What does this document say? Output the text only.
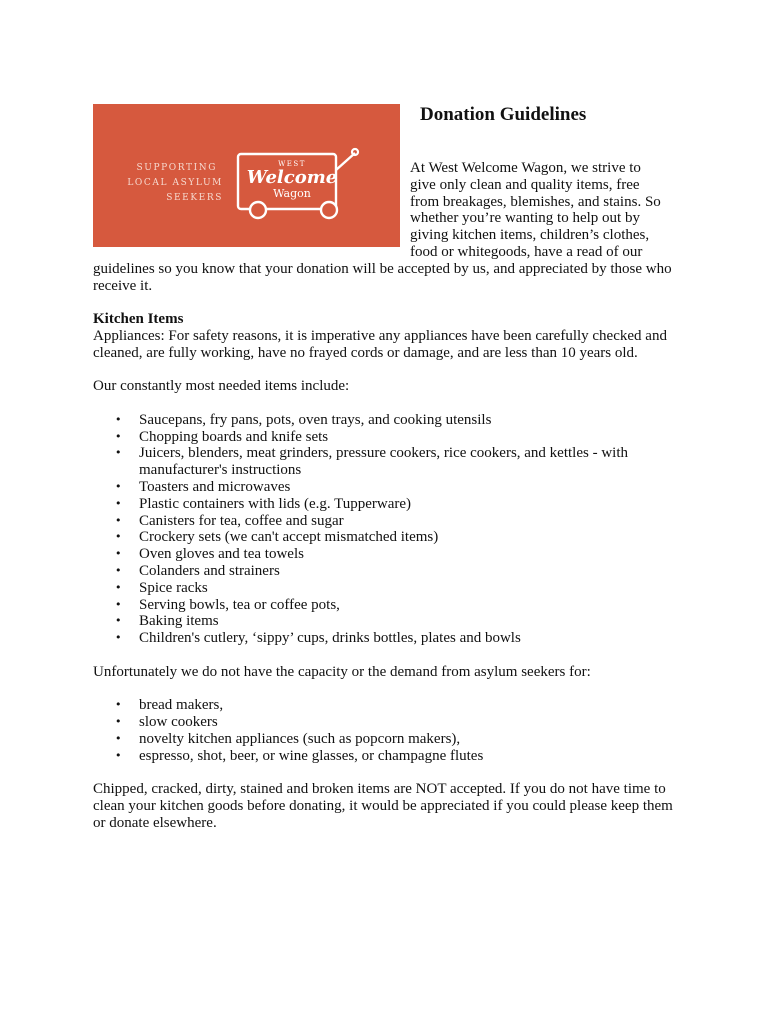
SUPPORTING
LOCAL ASYLUM
SEEKERS
WEST
Welcome
Wagon
Donation Guidelines
At West Welcome Wagon, we strive to
give only clean and quality items, free
from breakages, blemishes, and stains. So
whether you’re wanting to help out by
giving kitchen items, children’s clothes,
food or whitegoods, have a read of our
guidelines so you know that your donation will be accepted by us, and appreciated by those who receive it.

Kitchen Items

Appliances: For safety reasons, it is imperative any appliances have been carefully checked and cleaned, are fully working, have no frayed cords or damage, and are less than 10 years old.

Our constantly most needed items include:

• Saucepans, fry pans, pots, oven trays, and cooking utensils
• Chopping boards and knife sets
• Juicers, blenders, meat grinders, pressure cookers, rice cookers, and kettles - with manufacturer's instructions
• Toasters and microwaves
• Plastic containers with lids (e.g. Tupperware)
• Canisters for tea, coffee and sugar
• Crockery sets (we can't accept mismatched items)
• Oven gloves and tea towels
• Colanders and strainers
• Spice racks
• Serving bowls, tea or coffee pots,
• Baking items
• Children's cutlery, ‘sippy’ cups, drinks bottles, plates and bowls

Unfortunately we do not have the capacity or the demand from asylum seekers for:

• bread makers,
• slow cookers
• novelty kitchen appliances (such as popcorn makers),
• espresso, shot, beer, or wine glasses, or champagne flutes

Chipped, cracked, dirty, stained and broken items are NOT accepted. If you do not have time to clean your kitchen goods before donating, it would be appreciated if you could please keep them or donate elsewhere.
